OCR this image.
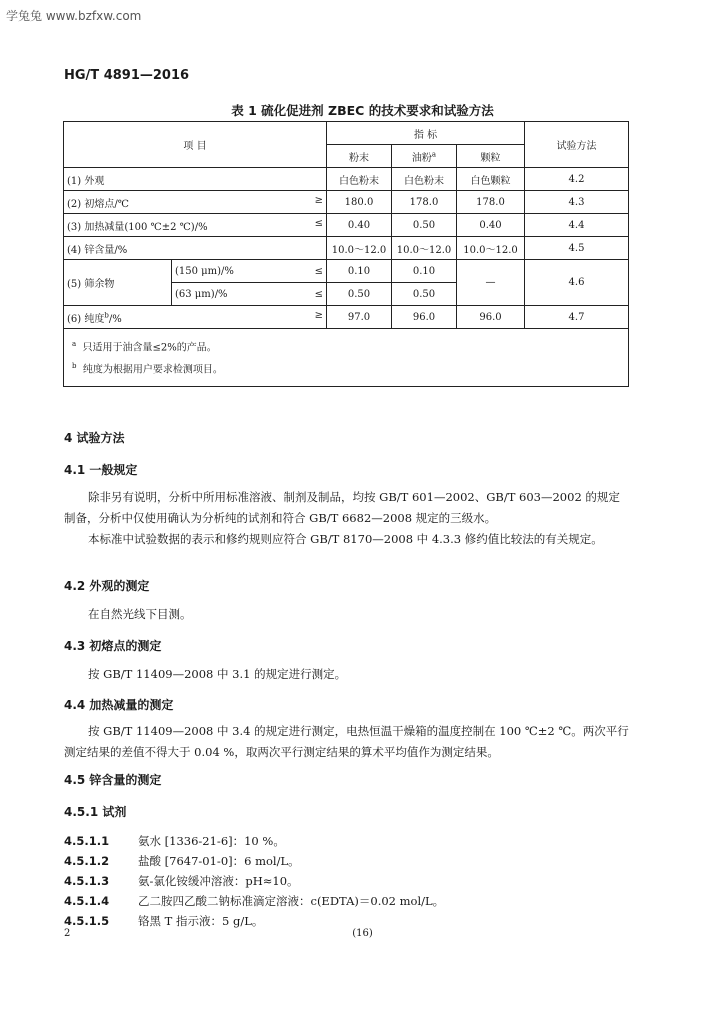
学兔兔 www.bzfxw.com
HG/T 4891—2016
表 1 硫化促进剂 ZBEC 的技术要求和试验方法
项 目		指 标			试验方法
		粉末	油粉$^a$	颗粒	
(1) 外观		白色粉末	白色粉末	白色颗粒	4.2
(2) 初熔点/℃ ≥		180.0	178.0	178.0	4.3
(3) 加热减量(100 ℃±2 ℃)/% ≤		0.40	0.50	0.40	4.4
(4) 锌含量/%		10.0～12.0	10.0～12.0	10.0～12.0	4.5
(5) 筛余物	(150 μm)/% ≤	0.10	0.10	—	4.6
	(63 μm)/% ≤	0.50	0.50		
(6) 纯度$^b$/% ≥		97.0	96.0	96.0	4.7

$^a$ 只适用于油含量≤2%的产品。
$^b$ 纯度为根据用户要求检测项目。					
4 试验方法
4.1 一般规定
除非另有说明，分析中所用标准溶液、制剂及制品，均按 GB/T 601—2002、GB/T 603—2002 的规定制备，分析中仅使用确认为分析纯的试剂和符合 GB/T 6682—2008 规定的三级水。
本标准中试验数据的表示和修约规则应符合 GB/T 8170—2008 中 4.3.3 修约值比较法的有关规定。
4.2 外观的测定
在自然光线下目测。
4.3 初熔点的测定
按 GB/T 11409—2008 中 3.1 的规定进行测定。
4.4 加热减量的测定
按 GB/T 11409—2008 中 3.4 的规定进行测定，电热恒温干燥箱的温度控制在 100 ℃±2 ℃。两次平行测定结果的差值不得大于 0.04 %，取两次平行测定结果的算术平均值作为测定结果。
4.5 锌含量的测定
4.5.1 试剂
4.5.1.1	氨水 [1336-21-6]：10 %。
4.5.1.2	盐酸 [7647-01-0]：6 mol/L。
4.5.1.3	氨-氯化铵缓冲溶液：pH≈10。
4.5.1.4	乙二胺四乙酸二钠标准滴定溶液：c(EDTA)＝0.02 mol/L。
4.5.1.5	铬黑 T 指示液：5 g/L。
2	(16)
